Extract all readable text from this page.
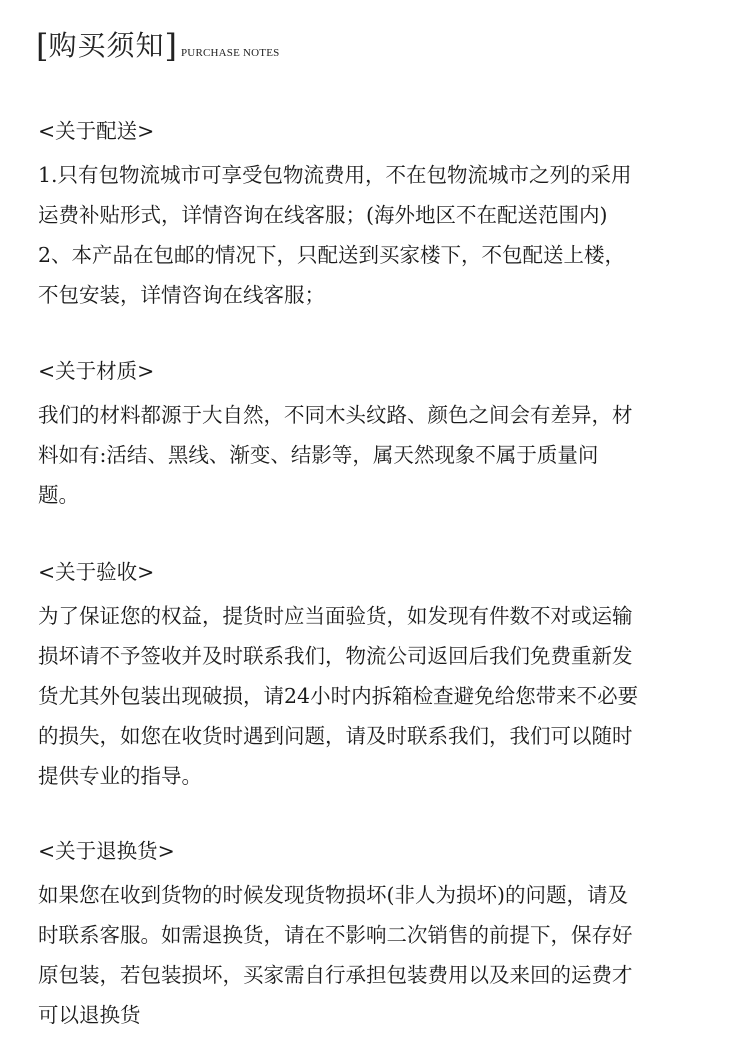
[ 购买须知 ] PURCHASE NOTES
<关于配送>
1.只有包物流城市可享受包物流费用，不在包物流城市之列的采用
运费补贴形式，详情咨询在线客服；(海外地区不在配送范围内)
2、本产品在包邮的情况下，只配送到买家楼下，不包配送上楼，
不包安装，详情咨询在线客服；
<关于材质>
我们的材料都源于大自然，不同木头纹路、颜色之间会有差异，材
料如有:活结、黑线、渐变、结影等，属天然现象不属于质量问
题。
<关于验收>
为了保证您的权益，提货时应当面验货，如发现有件数不对或运输
损坏请不予签收并及时联系我们，物流公司返回后我们免费重新发
货尤其外包装出现破损，请24小时内拆箱检查避免给您带来不必要
的损失，如您在收货时遇到问题，请及时联系我们，我们可以随时
提供专业的指导。
<关于退换货>
如果您在收到货物的时候发现货物损坏(非人为损坏)的问题，请及
时联系客服。如需退换货，请在不影响二次销售的前提下，保存好
原包装，若包装损坏，买家需自行承担包装费用以及来回的运费才
可以退换货
